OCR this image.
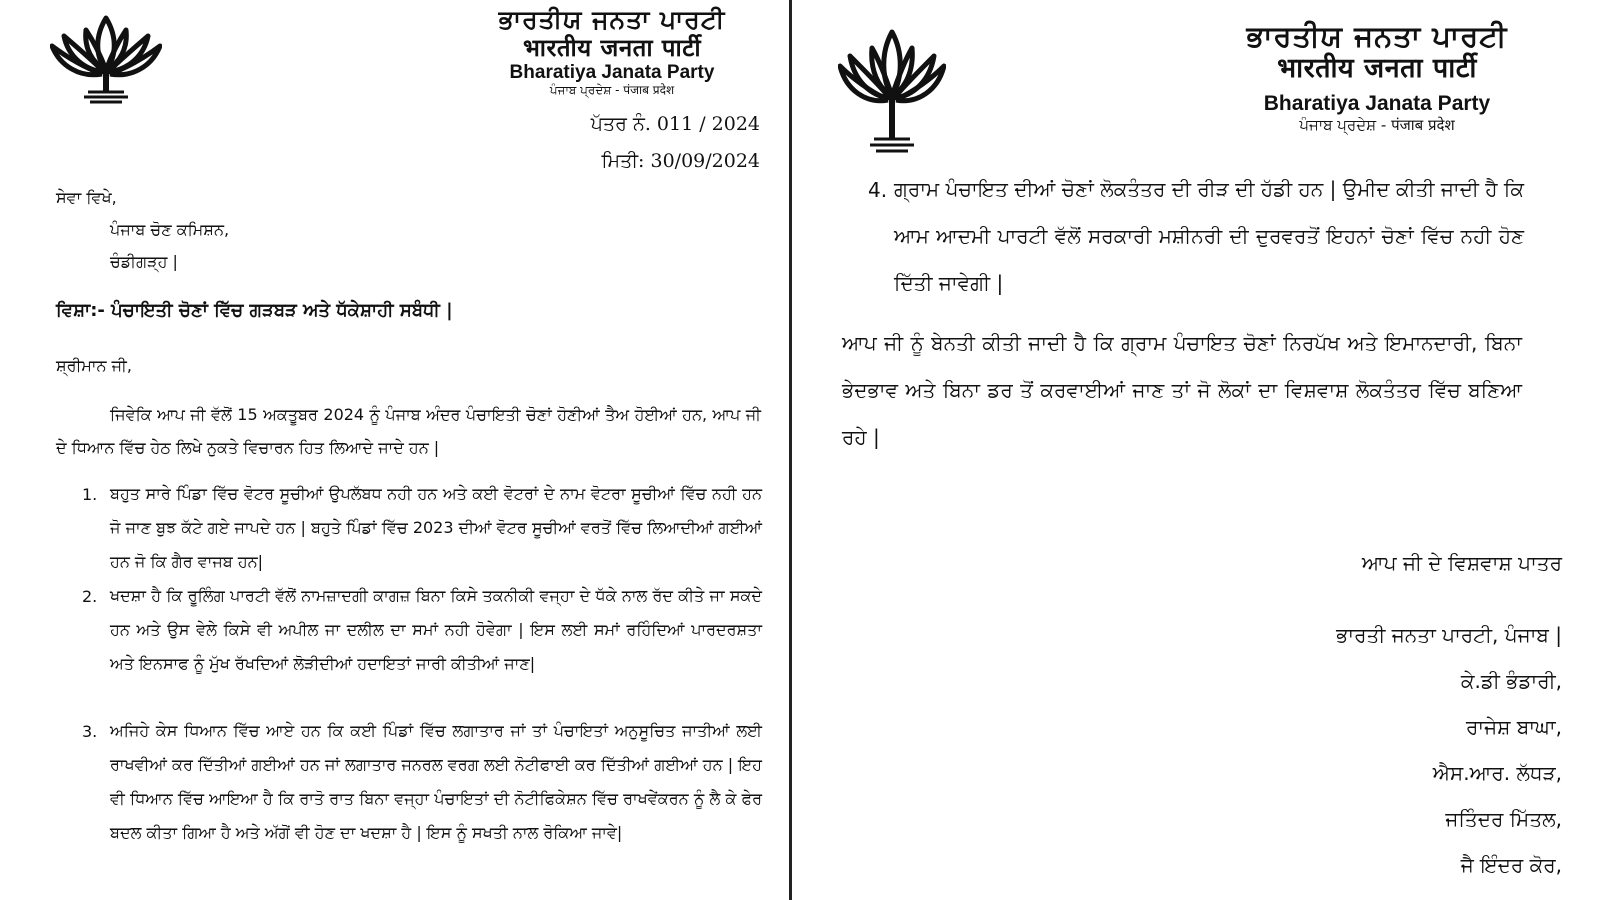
ਭਾਰਤੀਯ ਜਨਤਾ ਪਾਰਟੀ
भारतीय जनता पार्टी
Bharatiya Janata Party
ਪੰਜਾਬ ਪ੍ਰਦੇਸ਼ - पंजाब प्रदेश
ਪੱਤਰ ਨੰ. 011 / 2024
ਮਿਤੀ: 30/09/2024
ਸੇਵਾ ਵਿਖੇ,
ਪੰਜਾਬ ਚੋਣ ਕਮਿਸ਼ਨ,
ਚੰਡੀਗੜ੍ਹ |
ਵਿਸ਼ਾ:- ਪੰਚਾਇਤੀ ਚੋਣਾਂ ਵਿੱਚ ਗੜਬੜ ਅਤੇ ਧੱਕੇਸ਼ਾਹੀ ਸਬੰਧੀ |
ਸ਼੍ਰੀਮਾਨ ਜੀ,
ਜਿਵੇਕਿ ਆਪ ਜੀ ਵੱਲੋਂ 15 ਅਕਤੂਬਰ 2024 ਨੂੰ ਪੰਜਾਬ ਅੰਦਰ ਪੰਚਾਇਤੀ ਚੋਣਾਂ ਹੋਣੀਆਂ ਤੈਅ ਹੋਈਆਂ ਹਨ, ਆਪ ਜੀ ਦੇ ਧਿਆਨ ਵਿੱਚ ਹੇਠ ਲਿਖੇ ਨੁਕਤੇ ਵਿਚਾਰਨ ਹਿਤ ਲਿਆਦੇ ਜਾਦੇ ਹਨ |
1. ਬਹੁਤ ਸਾਰੇ ਪਿੰਡਾ ਵਿੱਚ ਵੋਟਰ ਸੂਚੀਆਂ ਉਪਲੱਬਧ ਨਹੀ ਹਨ ਅਤੇ ਕਈ ਵੋਟਰਾਂ ਦੇ ਨਾਮ ਵੋਟਰਾ ਸੂਚੀਆਂ ਵਿੱਚ ਨਹੀ ਹਨ ਜੋ ਜਾਣ ਬੁਝ ਕੱਟੇ ਗਏ ਜਾਪਦੇ ਹਨ | ਬਹੁਤੇ ਪਿੰਡਾਂ ਵਿੱਚ 2023 ਦੀਆਂ ਵੋਟਰ ਸੂਚੀਆਂ ਵਰਤੋਂ ਵਿੱਚ ਲਿਆਦੀਆਂ ਗਈਆਂ ਹਨ ਜੋ ਕਿ ਗੈਰ ਵਾਜਬ ਹਨ|
2. ਖਦਸ਼ਾ ਹੈ ਕਿ ਰੂਲਿੰਗ ਪਾਰਟੀ ਵੱਲੋਂ ਨਾਮਜ਼ਾਦਗੀ ਕਾਗਜ਼ ਬਿਨਾ ਕਿਸੇ ਤਕਨੀਕੀ ਵਜ੍ਹਾ ਦੇ ਧੱਕੇ ਨਾਲ ਰੱਦ ਕੀਤੇ ਜਾ ਸਕਦੇ ਹਨ ਅਤੇ ਉਸ ਵੇਲੇ ਕਿਸੇ ਵੀ ਅਪੀਲ ਜਾ ਦਲੀਲ ਦਾ ਸਮਾਂ ਨਹੀ ਹੋਵੇਗਾ | ਇਸ ਲਈ ਸਮਾਂ ਰਹਿੰਦਿਆਂ ਪਾਰਦਰਸ਼ਤਾ ਅਤੇ ਇਨਸਾਫ ਨੂੰ ਮੁੱਖ ਰੱਖਦਿਆਂ ਲੋੜੀਦੀਆਂ ਹਦਾਇਤਾਂ ਜਾਰੀ ਕੀਤੀਆਂ ਜਾਣ|
3. ਅਜਿਹੇ ਕੇਸ ਧਿਆਨ ਵਿੱਚ ਆਏ ਹਨ ਕਿ ਕਈ ਪਿੰਡਾਂ ਵਿੱਚ ਲਗਾਤਾਰ ਜਾਂ ਤਾਂ ਪੰਚਾਇਤਾਂ ਅਨੁਸੂਚਿਤ ਜਾਤੀਆਂ ਲਈ ਰਾਖਵੀਆਂ ਕਰ ਦਿੱਤੀਆਂ ਗਈਆਂ ਹਨ ਜਾਂ ਲਗਾਤਾਰ ਜਨਰਲ ਵਰਗ ਲਈ ਨੋਟੀਫਾਈ ਕਰ ਦਿੱਤੀਆਂ ਗਈਆਂ ਹਨ | ਇਹ ਵੀ ਧਿਆਨ ਵਿੱਚ ਆਇਆ ਹੈ ਕਿ ਰਾਤੋ ਰਾਤ ਬਿਨਾ ਵਜ੍ਹਾ ਪੰਚਾਇਤਾਂ ਦੀ ਨੋਟੀਫਿਕੇਸ਼ਨ ਵਿੱਚ ਰਾਖਵੇਂਕਰਨ ਨੂੰ ਲੈ ਕੇ ਫੇਰ ਬਦਲ ਕੀਤਾ ਗਿਆ ਹੈ ਅਤੇ ਅੱਗੋਂ ਵੀ ਹੋਣ ਦਾ ਖਦਸ਼ਾ ਹੈ | ਇਸ ਨੂੰ ਸਖਤੀ ਨਾਲ ਰੋਕਿਆ ਜਾਵੇ|
ਭਾਰਤੀਯ ਜਨਤਾ ਪਾਰਟੀ
भारतीय जनता पार्टी
Bharatiya Janata Party
ਪੰਜਾਬ ਪ੍ਰਦੇਸ਼ - पंजाब प्रदेश
4. ਗ੍ਰਾਮ ਪੰਚਾਇਤ ਦੀਆਂ ਚੋਣਾਂ ਲੋਕਤੰਤਰ ਦੀ ਰੀੜ ਦੀ ਹੱਡੀ ਹਨ | ਉਮੀਦ ਕੀਤੀ ਜਾਦੀ ਹੈ ਕਿ ਆਮ ਆਦਮੀ ਪਾਰਟੀ ਵੱਲੋਂ ਸਰਕਾਰੀ ਮਸ਼ੀਨਰੀ ਦੀ ਦੁਰਵਰਤੋਂ ਇਹਨਾਂ ਚੋਣਾਂ ਵਿੱਚ ਨਹੀ ਹੋਣ ਦਿੱਤੀ ਜਾਵੇਗੀ |
ਆਪ ਜੀ ਨੂੰ ਬੇਨਤੀ ਕੀਤੀ ਜਾਦੀ ਹੈ ਕਿ ਗ੍ਰਾਮ ਪੰਚਾਇਤ ਚੋਣਾਂ ਨਿਰਪੱਖ ਅਤੇ ਇਮਾਨਦਾਰੀ, ਬਿਨਾ ਭੇਦਭਾਵ ਅਤੇ ਬਿਨਾ ਡਰ ਤੋਂ ਕਰਵਾਈਆਂ ਜਾਣ ਤਾਂ ਜੋ ਲੋਕਾਂ ਦਾ ਵਿਸ਼ਵਾਸ਼ ਲੋਕਤੰਤਰ ਵਿੱਚ ਬਣਿਆ ਰਹੇ |
ਆਪ ਜੀ ਦੇ ਵਿਸ਼ਵਾਸ਼ ਪਾਤਰ
ਭਾਰਤੀ ਜਨਤਾ ਪਾਰਟੀ, ਪੰਜਾਬ |
ਕੇ.ਡੀ ਭੰਡਾਰੀ,
ਰਾਜੇਸ਼ ਬਾਘਾ,
ਐਸ.ਆਰ. ਲੱਧੜ,
ਜਤਿੰਦਰ ਮਿੱਤਲ,
ਜੈ ਇੰਦਰ ਕੋਰ,
